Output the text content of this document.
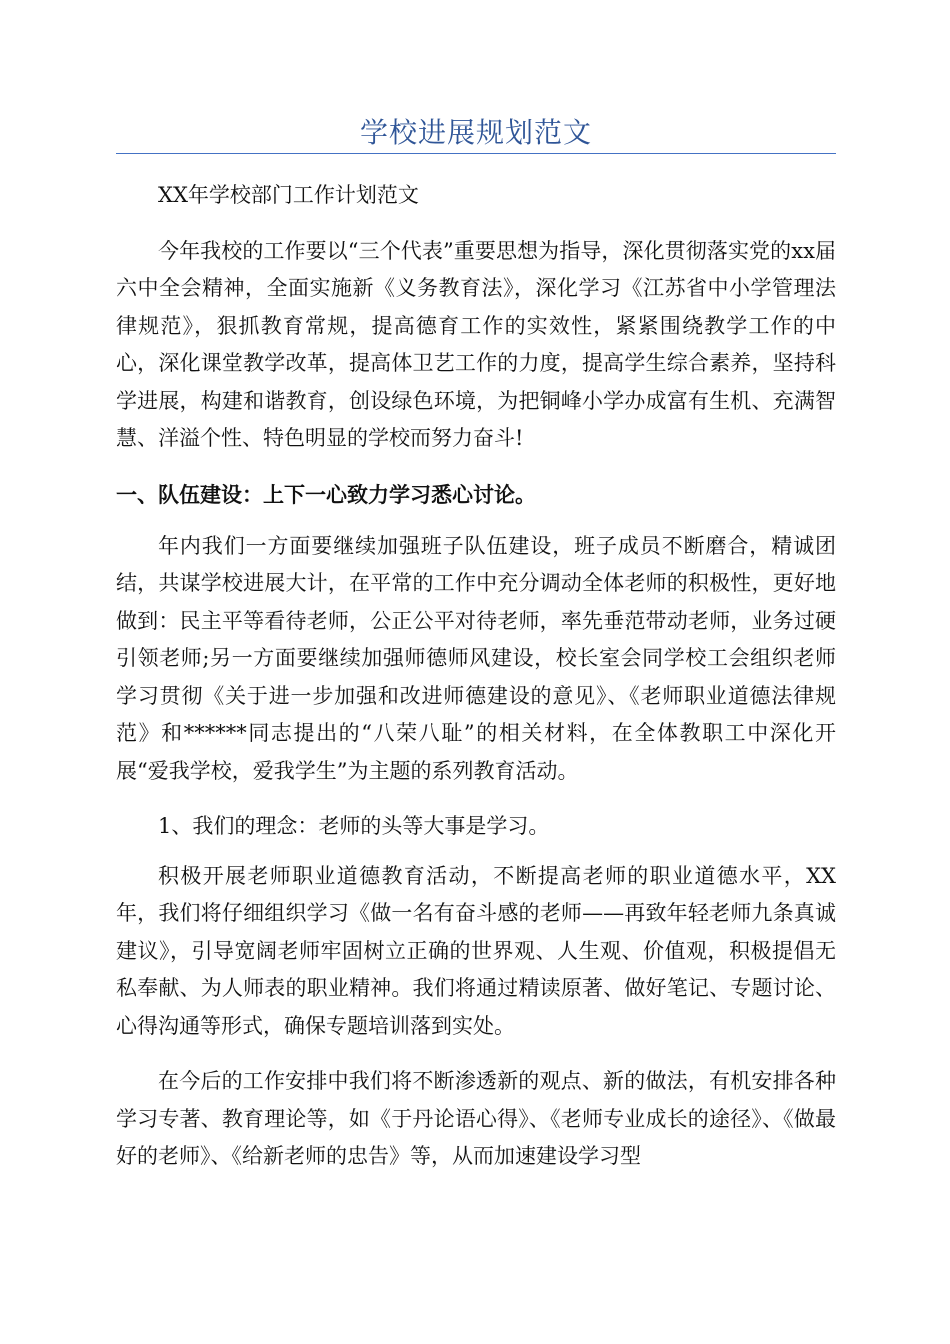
学校进展规划范文

XX年学校部门工作计划范文

今年我校的工作要以“三个代表”重要思想为指导，深化贯彻落实党的xx届六中全会精神，全面实施新《义务教育法》，深化学习《江苏省中小学管理法律规范》，狠抓教育常规，提高德育工作的实效性，紧紧围绕教学工作的中心，深化课堂教学改革，提高体卫艺工作的力度，提高学生综合素养，坚持科学进展，构建和谐教育，创设绿色环境，为把铜峰小学办成富有生机、充满智慧、洋溢个性、特色明显的学校而努力奋斗!

一、队伍建设：上下一心致力学习悉心讨论。

年内我们一方面要继续加强班子队伍建设，班子成员不断磨合，精诚团结，共谋学校进展大计，在平常的工作中充分调动全体老师的积极性，更好地做到：民主平等看待老师，公正公平对待老师，率先垂范带动老师，业务过硬引领老师;另一方面要继续加强师德师风建设，校长室会同学校工会组织老师学习贯彻《关于进一步加强和改进师德建设的意见》、《老师职业道德法律规范》和******同志提出的“八荣八耻”的相关材料，在全体教职工中深化开展“爱我学校，爱我学生”为主题的系列教育活动。

1、我们的理念：老师的头等大事是学习。

积极开展老师职业道德教育活动，不断提高老师的职业道德水平，XX年，我们将仔细组织学习《做一名有奋斗感的老师——再致年轻老师九条真诚建议》，引导宽阔老师牢固树立正确的世界观、人生观、价值观，积极提倡无私奉献、为人师表的职业精神。我们将通过精读原著、做好笔记、专题讨论、心得沟通等形式，确保专题培训落到实处。

在今后的工作安排中我们将不断渗透新的观点、新的做法，有机安排各种学习专著、教育理论等，如《于丹论语心得》、《老师专业成长的途径》、《做最好的老师》、《给新老师的忠告》等，从而加速建设学习型
